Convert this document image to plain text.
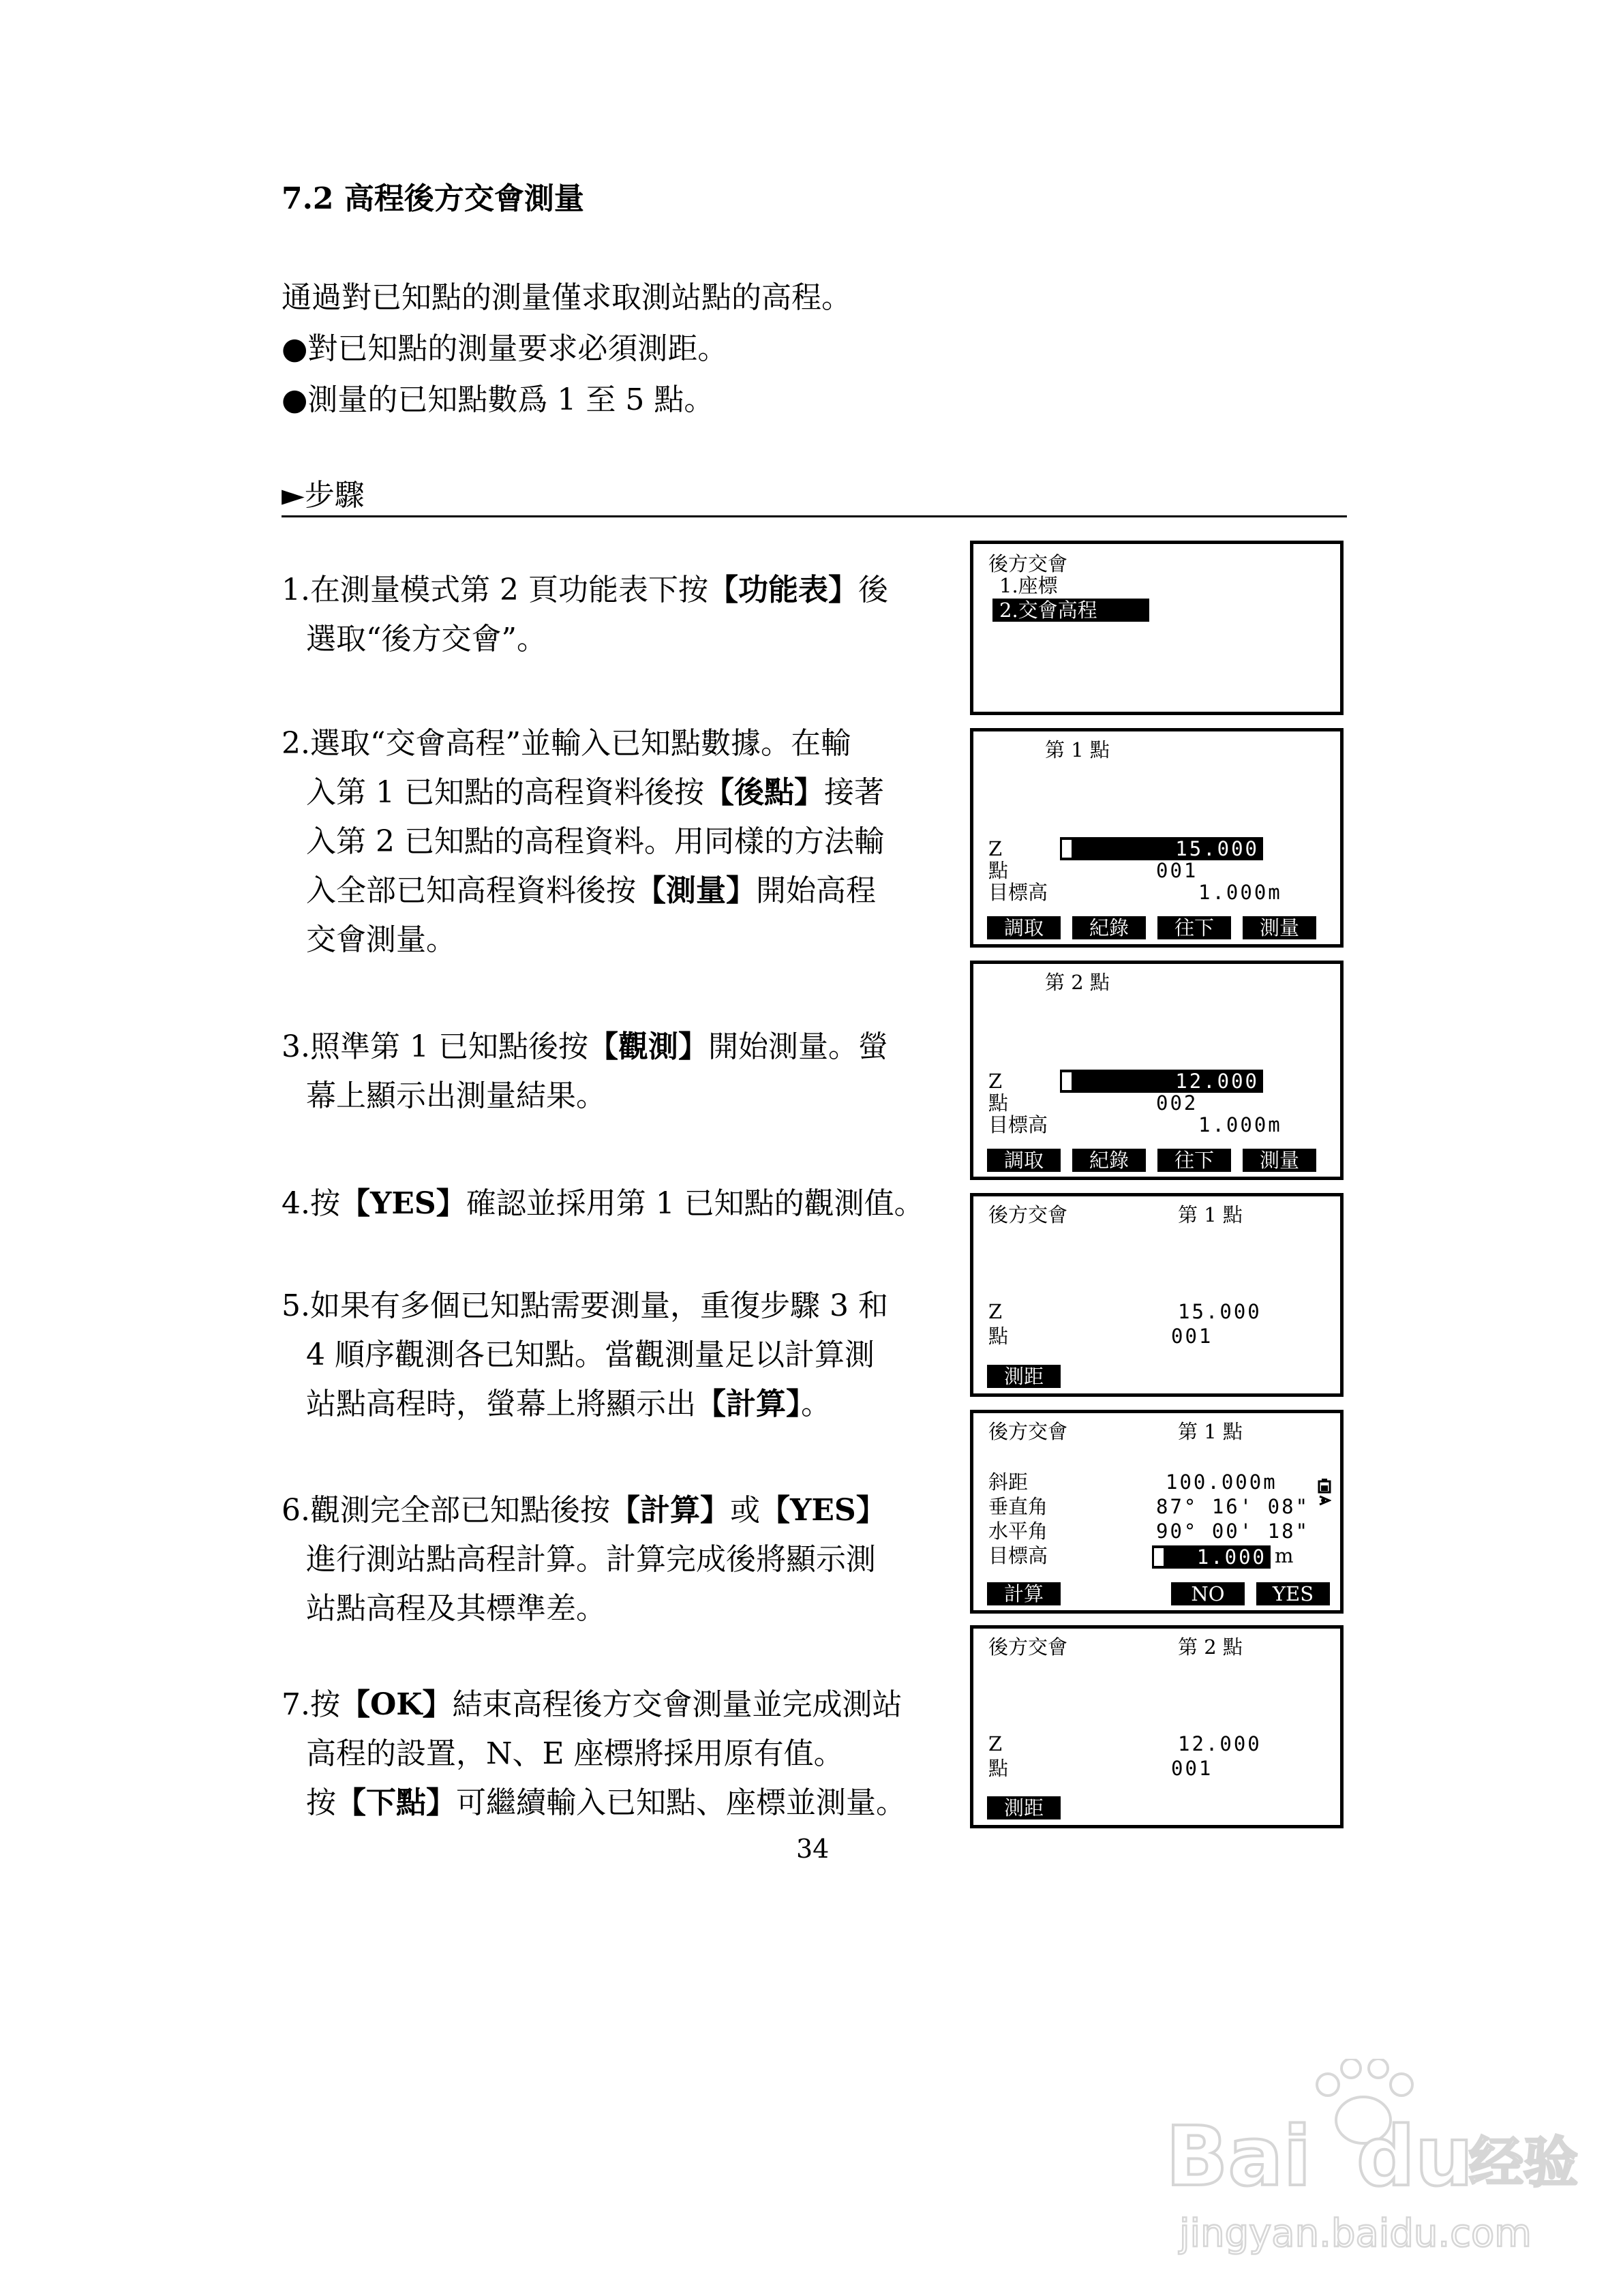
7.2 高程後方交會測量
通過對已知點的測量僅求取測站點的高程。
●對已知點的測量要求必須測距。
●測量的已知點數爲 1 至 5 點。
►步驟
1.在測量模式第 2 頁功能表下按【功能表】後
選取“後方交會”。
2.選取“交會高程”並輸入已知點數據。在輸
入第 1 已知點的高程資料後按【後點】接著
入第 2 已知點的高程資料。用同樣的方法輸
入全部已知高程資料後按【測量】開始高程
交會測量。
3.照準第 1 已知點後按【觀測】開始測量。螢
幕上顯示出測量結果。
4.按【YES】確認並採用第 1 已知點的觀測值。
5.如果有多個已知點需要測量，重復步驟 3 和
4 順序觀測各已知點。當觀測量足以計算測
站點高程時，螢幕上將顯示出【計算】。
6.觀測完全部已知點後按【計算】或【YES】
進行測站點高程計算。計算完成後將顯示測
站點高程及其標準差。
7.按【OK】結束高程後方交會測量並完成測站
高程的設置，N、E 座標將採用原有值。
按【下點】可繼續輸入已知點、座標並測量。
後方交會
1.座標
2.交會高程
第 1 點
Z	15.000
點	001
目標高	1.000m
調取	紀錄	往下	測量
第 2 點
Z	12.000
點	002
目標高	1.000m
調取	紀錄	往下	測量
後方交會	第 1 點
Z	15.000
點	001
測距
後方交會	第 1 點
斜距	100.000m
垂直角	87° 16' 08"
水平角	90° 00' 18"
目標高	1.000 m
計算	NO	YES
後方交會	第 2 點
Z	12.000
點	001
測距
34
Bai du
经验
jingyan.baidu.com
